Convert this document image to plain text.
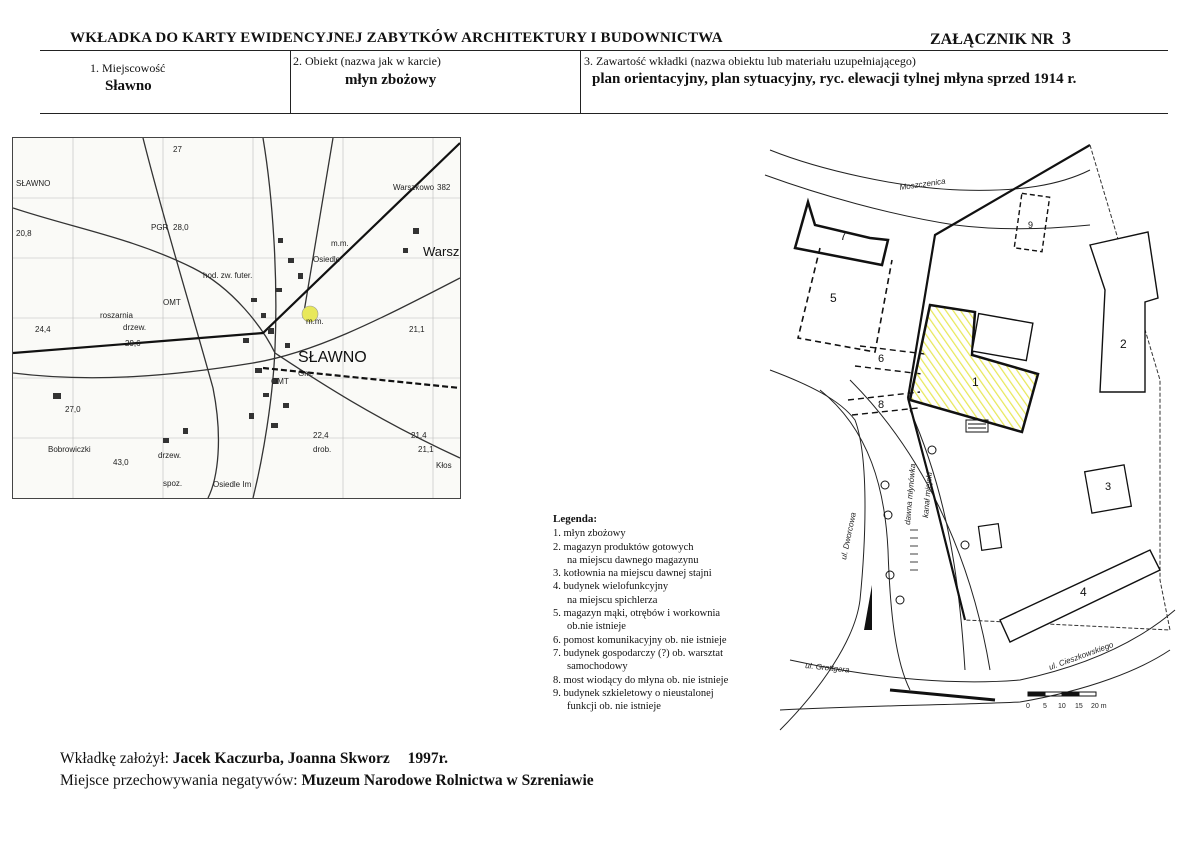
WKŁADKA DO KARTY EWIDENCYJNEJ ZABYTKÓW ARCHITEKTURY I BUDOWNICTWA	ZAŁĄCZNIK NR 3
1. Miejscowość
Sławno
2. Obiekt (nazwa jak w karcie)
młyn zbożowy
3. Zawartość wkładki (nazwa obiektu lub materiału uzupełniającego)
plan orientacyjny, plan sytuacyjny, ryc. elewacji tylnej młyna sprzed 1914 r.
SŁAWNO	Warszkowo
20,8
PGR 28,0
hod. zw. futer.
roszarnia
drzew.
OMT
29,6
24,4
OMT
27,0
Bobrowiczki
43,0
drzew.
spoz.	Osiedle Im
22,4
drob.
21,4
21,1
Kłos
Osiedle
m.m.
382
27
21,1
Gm.
m.m.
SŁAWNO
Warsz
7
5
6
8
9
1
2
3
4
Moszczenica
ul. Dworcowa
dawna młynówka kanał miejski
ul. Grottgera	ul. Cieszkowskiego
0 5 10 15 20 m
Legenda:
1. młyn zbożowy
2. magazyn produktów gotowych
na miejscu dawnego magazynu
3. kotłownia na miejscu dawnej stajni
4. budynek wielofunkcyjny
na miejscu spichlerza
5. magazyn mąki, otrębów i workownia
ob.nie istnieje
6. pomost komunikacyjny ob. nie istnieje
7. budynek gospodarczy (?) ob. warsztat
samochodowy
8. most wiodący do młyna ob. nie istnieje
9. budynek szkieletowy o nieustalonej
funkcji ob. nie istnieje
Wkładkę założył: Jacek Kaczurba, Joanna Skworz 1997r.
Miejsce przechowywania negatywów: Muzeum Narodowe Rolnictwa w Szreniawie
